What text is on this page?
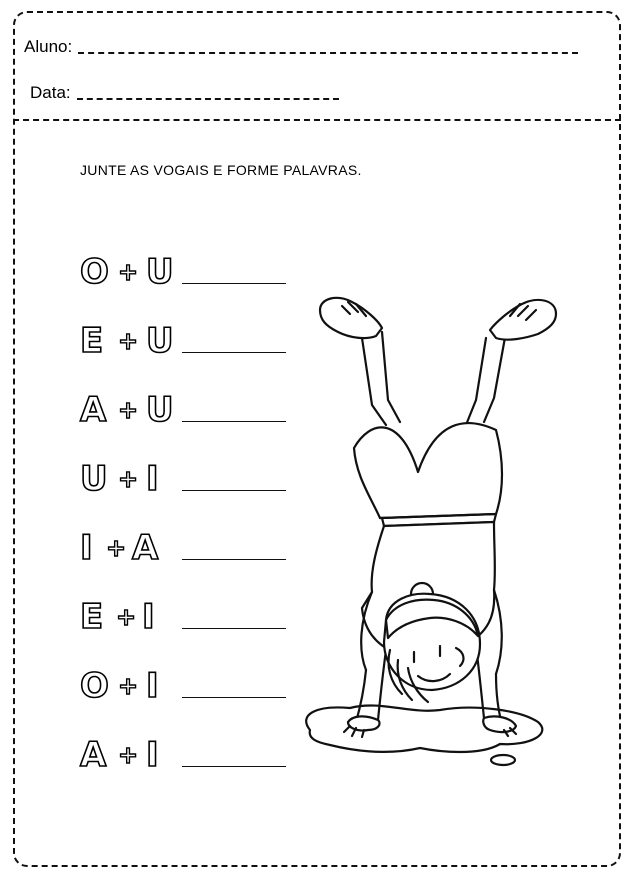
Aluno:
Data:
JUNTE AS VOGAIS E FORME PALAVRAS.
O + U
E + U
A + U
U + I
I + A
E + I
O + I
A + I
